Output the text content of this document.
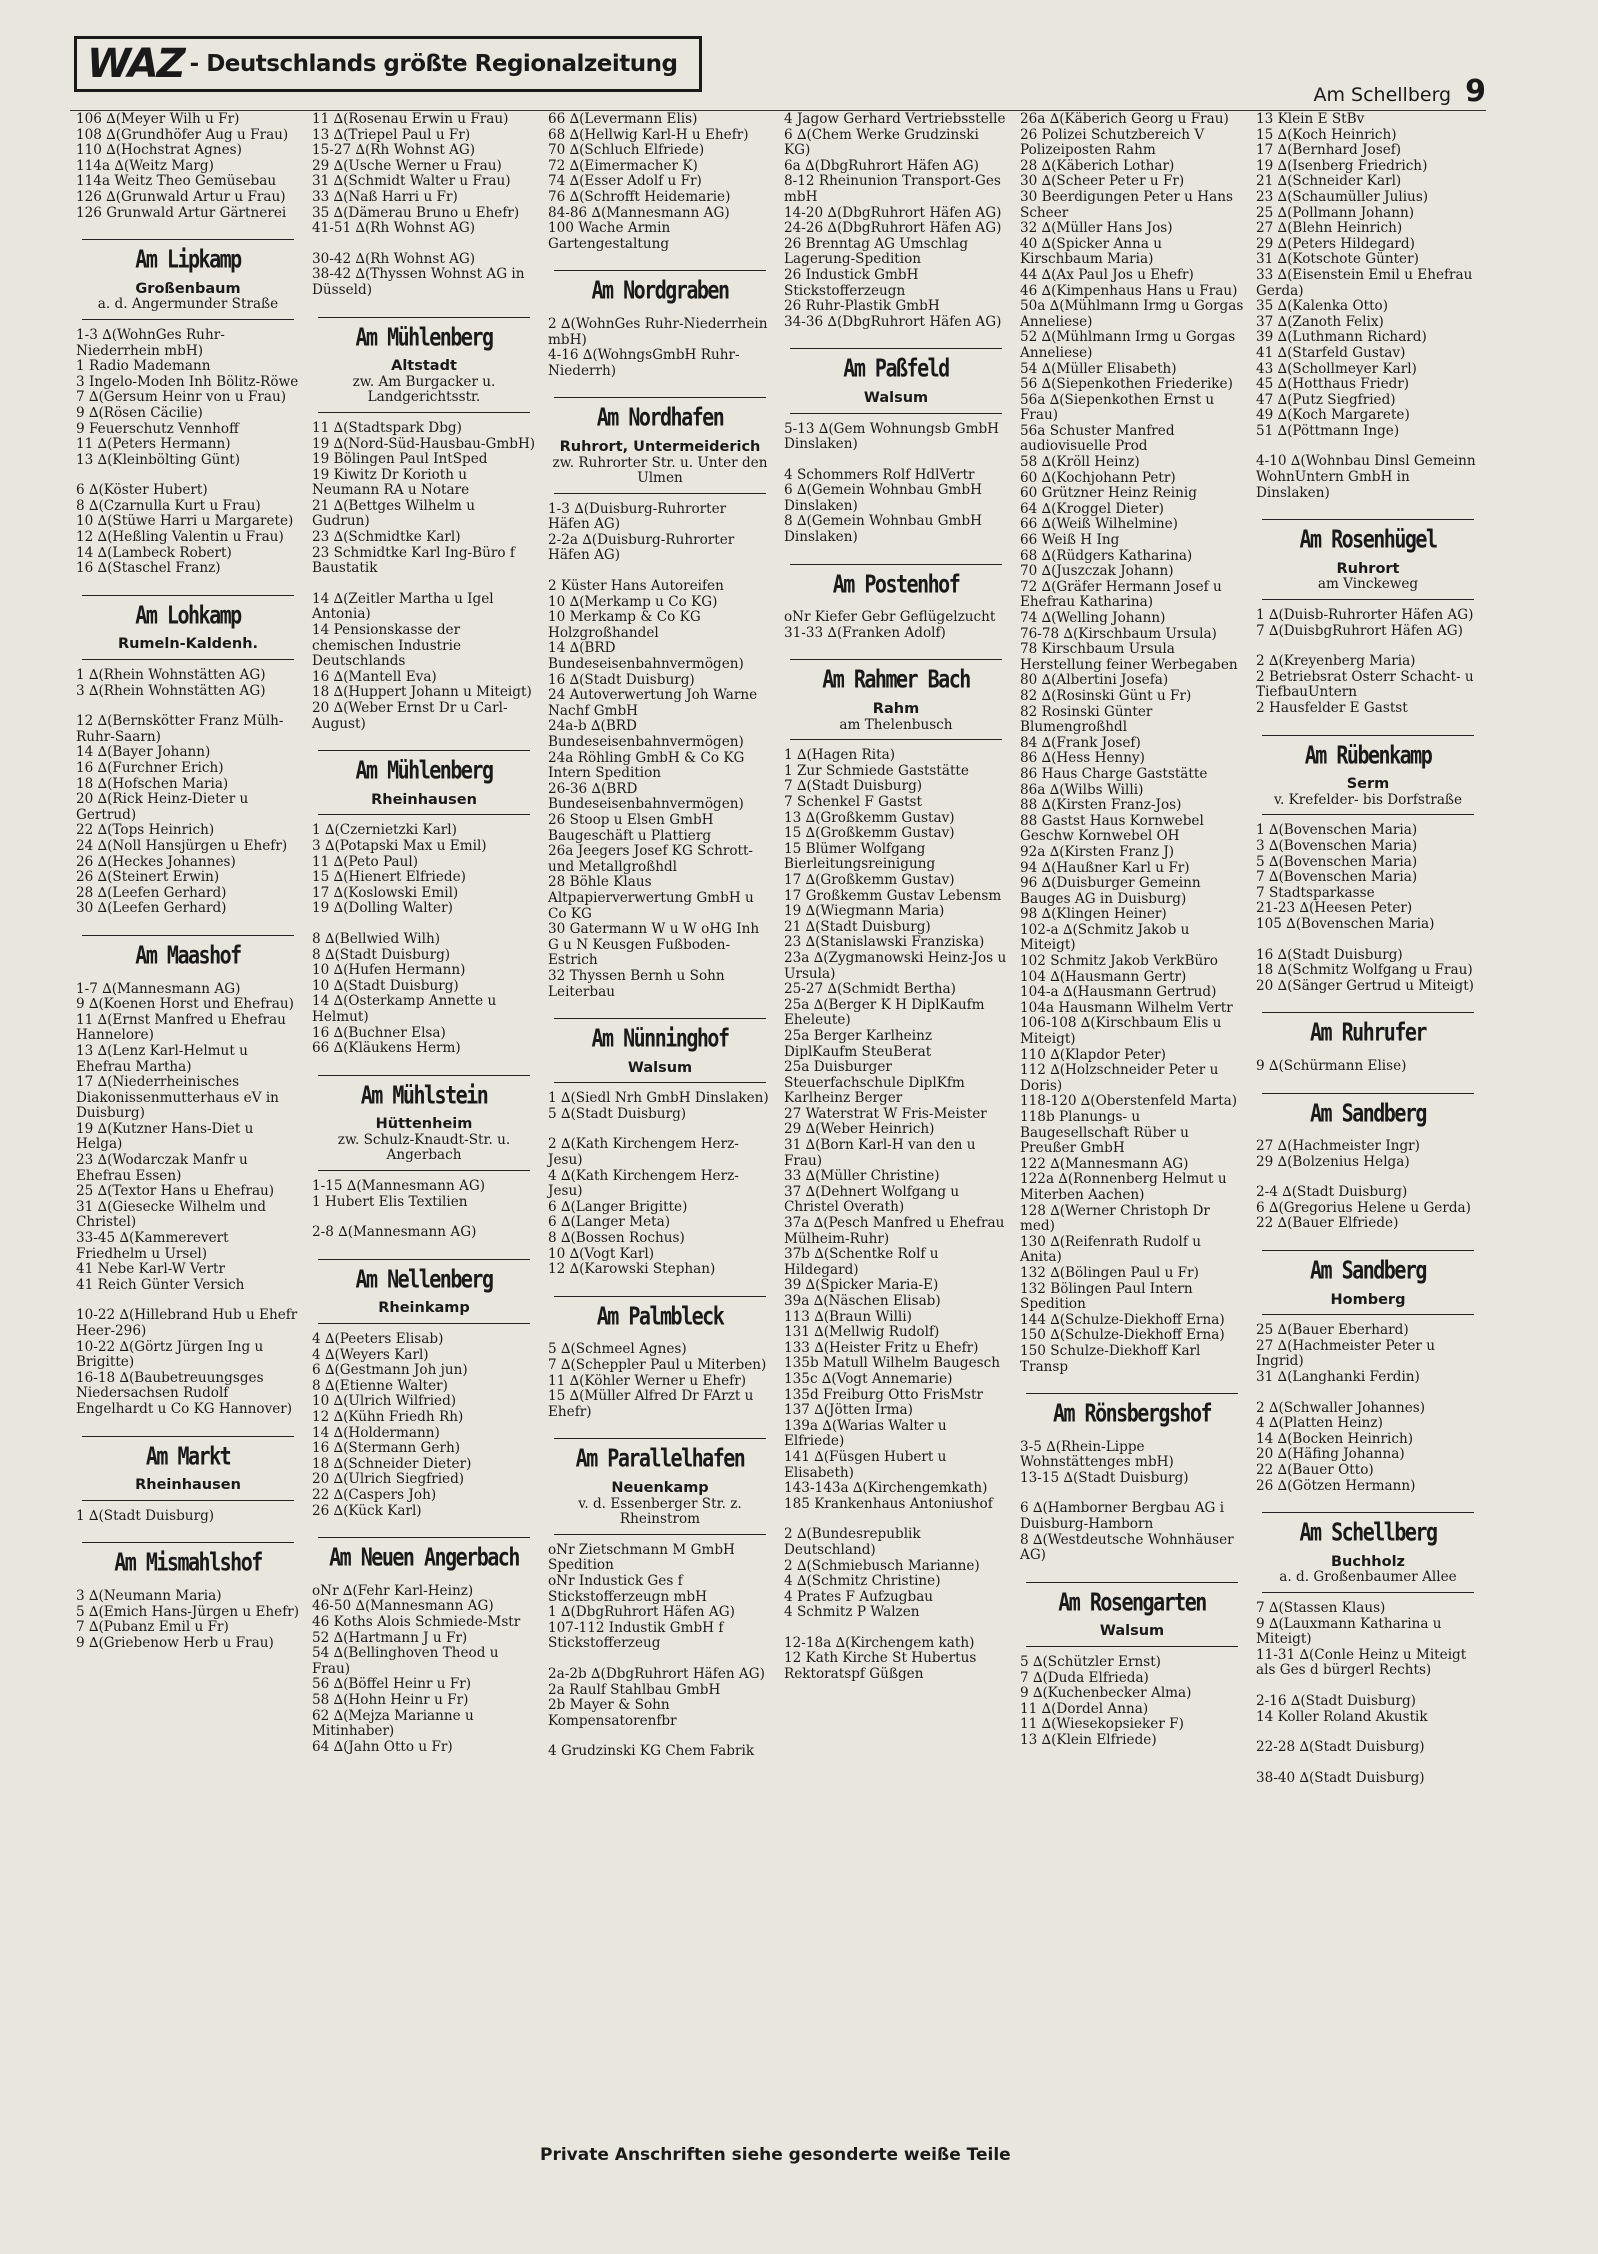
WAZ - Deutschlands größte Regionalzeitung
Am Schellberg 9
106 ∆(Meyer Wilh u Fr)
108 ∆(Grundhöfer Aug u Frau)
110 ∆(Hochstrat Agnes)
114a ∆(Weitz Marg)
114a Weitz Theo Gemüsebau
126 ∆(Grunwald Artur u Frau)
126 Grunwald Artur Gärtnerei
Am Lipkamp
Großenbaum
a. d. Angermunder Straße
1-3 ∆(WohnGes Ruhr-Niederrhein mbH)
1 Radio Mademann
3 Ingelo-Moden Inh Bölitz-Röwe
7 ∆(Gersum Heinr von u Frau)
9 ∆(Rösen Cäcilie)
9 Feuerschutz Vennhoff
11 ∆(Peters Hermann)
13 ∆(Kleinbölting Günt)
6 ∆(Köster Hubert)
8 ∆(Czarnulla Kurt u Frau)
10 ∆(Stüwe Harri u Margarete)
12 ∆(Heßling Valentin u Frau)
14 ∆(Lambeck Robert)
16 ∆(Staschel Franz)
Am Lohkamp
Rumeln-Kaldenh.
1 ∆(Rhein Wohnstätten AG)
3 ∆(Rhein Wohnstätten AG)
12 ∆(Bernskötter Franz Mülh-Ruhr-Saarn)
14 ∆(Bayer Johann)
16 ∆(Furchner Erich)
18 ∆(Hofschen Maria)
20 ∆(Rick Heinz-Dieter u Gertrud)
22 ∆(Tops Heinrich)
24 ∆(Noll Hansjürgen u Ehefr)
26 ∆(Heckes Johannes)
26 ∆(Steinert Erwin)
28 ∆(Leefen Gerhard)
30 ∆(Leefen Gerhard)
Am Maashof
1-7 ∆(Mannesmann AG)
9 ∆(Koenen Horst und Ehefrau)
11 ∆(Ernst Manfred u Ehefrau Hannelore)
13 ∆(Lenz Karl-Helmut u Ehefrau Martha)
17 ∆(Niederrheinisches Diakonissenmutterhaus eV in Duisburg)
19 ∆(Kutzner Hans-Diet u Helga)
23 ∆(Wodarczak Manfr u Ehefrau Essen)
25 ∆(Textor Hans u Ehefrau)
31 ∆(Giesecke Wilhelm und Christel)
33-45 ∆(Kammerevert Friedhelm u Ursel)
41 Nebe Karl-W Vertr
41 Reich Günter Versich
10-22 ∆(Hillebrand Hub u Ehefr Heer-296)
10-22 ∆(Görtz Jürgen Ing u Brigitte)
16-18 ∆(Baubetreuungsges Niedersachsen Rudolf Engelhardt u Co KG Hannover)
Am Markt
Rheinhausen
1 ∆(Stadt Duisburg)
Am Mismahlshof
3 ∆(Neumann Maria)
5 ∆(Emich Hans-Jürgen u Ehefr)
7 ∆(Pubanz Emil u Fr)
9 ∆(Griebenow Herb u Frau)
11 ∆(Rosenau Erwin u Frau)
13 ∆(Triepel Paul u Fr)
15-27 ∆(Rh Wohnst AG)
29 ∆(Usche Werner u Frau)
31 ∆(Schmidt Walter u Frau)
33 ∆(Naß Harri u Fr)
35 ∆(Dämerau Bruno u Ehefr)
41-51 ∆(Rh Wohnst AG)
30-42 ∆(Rh Wohnst AG)
38-42 ∆(Thyssen Wohnst AG in Düsseld)
Am Mühlenberg
Altstadt
zw. Am Burgacker u. Landgerichtsstr.
11 ∆(Stadtspark Dbg)
19 ∆(Nord-Süd-Hausbau-GmbH)
19 Bölingen Paul IntSped
19 Kiwitz Dr Korioth u Neumann RA u Notare
21 ∆(Bettges Wilhelm u Gudrun)
23 ∆(Schmidtke Karl)
23 Schmidtke Karl Ing-Büro f Baustatik
14 ∆(Zeitler Martha u Igel Antonia)
14 Pensionskasse der chemischen Industrie Deutschlands
16 ∆(Mantell Eva)
18 ∆(Huppert Johann u Miteigt)
20 ∆(Weber Ernst Dr u Carl-August)
Am Mühlenberg
Rheinhausen
1 ∆(Czernietzki Karl)
3 ∆(Potapski Max u Emil)
11 ∆(Peto Paul)
15 ∆(Hienert Elfriede)
17 ∆(Koslowski Emil)
19 ∆(Dolling Walter)
8 ∆(Bellwied Wilh)
8 ∆(Stadt Duisburg)
10 ∆(Hufen Hermann)
10 ∆(Stadt Duisburg)
14 ∆(Osterkamp Annette u Helmut)
16 ∆(Buchner Elsa)
66 ∆(Kläukens Herm)
Am Mühlstein
Hüttenheim
zw. Schulz-Knaudt-Str. u. Angerbach
1-15 ∆(Mannesmann AG)
1 Hubert Elis Textilien
2-8 ∆(Mannesmann AG)
Am Nellenberg
Rheinkamp
4 ∆(Peeters Elisab)
4 ∆(Weyers Karl)
6 ∆(Gestmann Joh jun)
8 ∆(Etienne Walter)
10 ∆(Ulrich Wilfried)
12 ∆(Kühn Friedh Rh)
14 ∆(Holdermann)
16 ∆(Stermann Gerh)
18 ∆(Schneider Dieter)
20 ∆(Ulrich Siegfried)
22 ∆(Caspers Joh)
26 ∆(Kück Karl)
Am Neuen Angerbach
oNr ∆(Fehr Karl-Heinz)
46-50 ∆(Mannesmann AG)
46 Koths Alois Schmiede-Mstr
52 ∆(Hartmann J u Fr)
54 ∆(Bellinghoven Theod u Frau)
56 ∆(Böffel Heinr u Fr)
58 ∆(Hohn Heinr u Fr)
62 ∆(Mejza Marianne u Mitinhaber)
64 ∆(Jahn Otto u Fr)
66 ∆(Levermann Elis)
68 ∆(Hellwig Karl-H u Ehefr)
70 ∆(Schluch Elfriede)
72 ∆(Eimermacher K)
74 ∆(Esser Adolf u Fr)
76 ∆(Schrofft Heidemarie)
84-86 ∆(Mannesmann AG)
100 Wache Armin Gartengestaltung
Am Nordgraben
2 ∆(WohnGes Ruhr-Niederrhein mbH)
4-16 ∆(WohngsGmbH Ruhr-Niederrh)
Am Nordhafen
Ruhrort, Untermeiderich
zw. Ruhrorter Str. u. Unter den Ulmen
1-3 ∆(Duisburg-Ruhrorter Häfen AG)
2-2a ∆(Duisburg-Ruhrorter Häfen AG)
2 Küster Hans Autoreifen
10 ∆(Merkamp u Co KG)
10 Merkamp & Co KG Holzgroßhandel
14 ∆(BRD Bundeseisenbahnvermögen)
16 ∆(Stadt Duisburg)
24 Autoverwertung Joh Warne Nachf GmbH
24a-b ∆(BRD Bundeseisenbahnvermögen)
24a Röhling GmbH & Co KG Intern Spedition
26-36 ∆(BRD Bundeseisenbahnvermögen)
26 Stoop u Elsen GmbH Baugeschäft u Plattierg
26a Jeegers Josef KG Schrott- und Metallgroßhdl
28 Böhle Klaus Altpapierverwertung GmbH u Co KG
30 Gatermann W u W oHG Inh G u N Keusgen Fußboden-Estrich
32 Thyssen Bernh u Sohn Leiterbau
Am Nünninghof
Walsum
1 ∆(Siedl Nrh GmbH Dinslaken)
5 ∆(Stadt Duisburg)
2 ∆(Kath Kirchengem Herz-Jesu)
4 ∆(Kath Kirchengem Herz-Jesu)
6 ∆(Langer Brigitte)
6 ∆(Langer Meta)
8 ∆(Bossen Rochus)
10 ∆(Vogt Karl)
12 ∆(Karowski Stephan)
Am Palmbleck
5 ∆(Schmeel Agnes)
7 ∆(Scheppler Paul u Miterben)
11 ∆(Köhler Werner u Ehefr)
15 ∆(Müller Alfred Dr FArzt u Ehefr)
Am Parallelhafen
Neuenkamp
v. d. Essenberger Str. z. Rheinstrom
oNr Zietschmann M GmbH Spedition
oNr Industick Ges f Stickstofferzeugn mbH
1 ∆(DbgRuhrort Häfen AG)
107-112 Industik GmbH f Stickstofferzeug
2a-2b ∆(DbgRuhrort Häfen AG)
2a Raulf Stahlbau GmbH
2b Mayer & Sohn Kompensatorenfbr
4 Grudzinski KG Chem Fabrik
4 Jagow Gerhard Vertriebsstelle
6 ∆(Chem Werke Grudzinski KG)
6a ∆(DbgRuhrort Häfen AG)
8-12 Rheinunion Transport-Ges mbH
14-20 ∆(DbgRuhrort Häfen AG)
24-26 ∆(DbgRuhrort Häfen AG)
26 Brenntag AG Umschlag Lagerung-Spedition
26 Industick GmbH Stickstofferzeugn
26 Ruhr-Plastik GmbH
34-36 ∆(DbgRuhrort Häfen AG)
Am Paßfeld
Walsum
5-13 ∆(Gem Wohnungsb GmbH Dinslaken)
4 Schommers Rolf HdlVertr
6 ∆(Gemein Wohnbau GmbH Dinslaken)
8 ∆(Gemein Wohnbau GmbH Dinslaken)
Am Postenhof
oNr Kiefer Gebr Geflügelzucht
31-33 ∆(Franken Adolf)
Am Rahmer Bach
Rahm
am Thelenbusch
1 ∆(Hagen Rita)
1 Zur Schmiede Gaststätte
7 ∆(Stadt Duisburg)
7 Schenkel F Gastst
13 ∆(Großkemm Gustav)
15 ∆(Großkemm Gustav)
15 Blümer Wolfgang Bierleitungsreinigung
17 ∆(Großkemm Gustav)
17 Großkemm Gustav Lebensm
19 ∆(Wiegmann Maria)
21 ∆(Stadt Duisburg)
23 ∆(Stanislawski Franziska)
23a ∆(Zygmanowski Heinz-Jos u Ursula)
25-27 ∆(Schmidt Bertha)
25a ∆(Berger K H DiplKaufm Eheleute)
25a Berger Karlheinz DiplKaufm SteuBerat
25a Duisburger Steuerfachschule DiplKfm Karlheinz Berger
27 Waterstrat W Fris-Meister
29 ∆(Weber Heinrich)
31 ∆(Born Karl-H van den u Frau)
33 ∆(Müller Christine)
37 ∆(Dehnert Wolfgang u Christel Overath)
37a ∆(Pesch Manfred u Ehefrau Mülheim-Ruhr)
37b ∆(Schentke Rolf u Hildegard)
39 ∆(Spicker Maria-E)
39a ∆(Näschen Elisab)
113 ∆(Braun Willi)
131 ∆(Mellwig Rudolf)
133 ∆(Heister Fritz u Ehefr)
135b Matull Wilhelm Baugesch
135c ∆(Vogt Annemarie)
135d Freiburg Otto FrisMstr
137 ∆(Jötten Irma)
139a ∆(Warias Walter u Elfriede)
141 ∆(Füsgen Hubert u Elisabeth)
143-143a ∆(Kirchengemkath)
185 Krankenhaus Antoniushof
2 ∆(Bundesrepublik Deutschland)
2 ∆(Schmiebusch Marianne)
4 ∆(Schmitz Christine)
4 Prates F Aufzugbau
4 Schmitz P Walzen
12-18a ∆(Kirchengem kath)
12 Kath Kirche St Hubertus Rektoratspf Güßgen
26a ∆(Käberich Georg u Frau)
26 Polizei Schutzbereich V Polizeiposten Rahm
28 ∆(Käberich Lothar)
30 ∆(Scheer Peter u Fr)
30 Beerdigungen Peter u Hans Scheer
32 ∆(Müller Hans Jos)
40 ∆(Spicker Anna u Kirschbaum Maria)
44 ∆(Ax Paul Jos u Ehefr)
46 ∆(Kimpenhaus Hans u Frau)
50a ∆(Mühlmann Irmg u Gorgas Anneliese)
52 ∆(Mühlmann Irmg u Gorgas Anneliese)
54 ∆(Müller Elisabeth)
56 ∆(Siepenkothen Friederike)
56a ∆(Siepenkothen Ernst u Frau)
56a Schuster Manfred audiovisuelle Prod
58 ∆(Kröll Heinz)
60 ∆(Kochjohann Petr)
60 Grützner Heinz Reinig
64 ∆(Kroggel Dieter)
66 ∆(Weiß Wilhelmine)
66 Weiß H Ing
68 ∆(Rüdgers Katharina)
70 ∆(Juszczak Johann)
72 ∆(Gräfer Hermann Josef u Ehefrau Katharina)
74 ∆(Welling Johann)
76-78 ∆(Kirschbaum Ursula)
78 Kirschbaum Ursula Herstellung feiner Werbegaben
80 ∆(Albertini Josefa)
82 ∆(Rosinski Günt u Fr)
82 Rosinski Günter Blumengroßhdl
84 ∆(Frank Josef)
86 ∆(Hess Henny)
86 Haus Charge Gaststätte
86a ∆(Wilbs Willi)
88 ∆(Kirsten Franz-Jos)
88 Gastst Haus Kornwebel Geschw Kornwebel OH
92a ∆(Kirsten Franz J)
94 ∆(Haußner Karl u Fr)
96 ∆(Duisburger Gemeinn Bauges AG in Duisburg)
98 ∆(Klingen Heiner)
102-a ∆(Schmitz Jakob u Miteigt)
102 Schmitz Jakob VerkBüro
104 ∆(Hausmann Gertr)
104-a ∆(Hausmann Gertrud)
104a Hausmann Wilhelm Vertr
106-108 ∆(Kirschbaum Elis u Miteigt)
110 ∆(Klapdor Peter)
112 ∆(Holzschneider Peter u Doris)
118-120 ∆(Oberstenfeld Marta)
118b Planungs- u Baugesellschaft Rüber u Preußer GmbH
122 ∆(Mannesmann AG)
122a ∆(Ronnenberg Helmut u Miterben Aachen)
128 ∆(Werner Christoph Dr med)
130 ∆(Reifenrath Rudolf u Anita)
132 ∆(Bölingen Paul u Fr)
132 Bölingen Paul Intern Spedition
144 ∆(Schulze-Diekhoff Erna)
150 ∆(Schulze-Diekhoff Erna)
150 Schulze-Diekhoff Karl Transp
Am Rönsbergshof
3-5 ∆(Rhein-Lippe Wohnstättenges mbH)
13-15 ∆(Stadt Duisburg)
6 ∆(Hamborner Bergbau AG i Duisburg-Hamborn
8 ∆(Westdeutsche Wohnhäuser AG)
Am Rosengarten
Walsum
5 ∆(Schützler Ernst)
7 ∆(Duda Elfrieda)
9 ∆(Kuchenbecker Alma)
11 ∆(Dordel Anna)
11 ∆(Wiesekopsieker F)
13 ∆(Klein Elfriede)
13 Klein E StBv
15 ∆(Koch Heinrich)
17 ∆(Bernhard Josef)
19 ∆(Isenberg Friedrich)
21 ∆(Schneider Karl)
23 ∆(Schaumüller Julius)
25 ∆(Pollmann Johann)
27 ∆(Blehn Heinrich)
29 ∆(Peters Hildegard)
31 ∆(Kotschote Günter)
33 ∆(Eisenstein Emil u Ehefrau Gerda)
35 ∆(Kalenka Otto)
37 ∆(Zanoth Felix)
39 ∆(Luthmann Richard)
41 ∆(Starfeld Gustav)
43 ∆(Schollmeyer Karl)
45 ∆(Hotthaus Friedr)
47 ∆(Putz Siegfried)
49 ∆(Koch Margarete)
51 ∆(Pöttmann Inge)
4-10 ∆(Wohnbau Dinsl Gemeinn WohnUntern GmbH in Dinslaken)
Am Rosenhügel
Ruhrort
am Vinckeweg
1 ∆(Duisb-Ruhrorter Häfen AG)
7 ∆(DuisbgRuhrort Häfen AG)
2 ∆(Kreyenberg Maria)
2 Betriebsrat Osterr Schacht- u TiefbauUntern
2 Hausfelder E Gastst
Am Rübenkamp
Serm
v. Krefelder- bis Dorfstraße
1 ∆(Bovenschen Maria)
3 ∆(Bovenschen Maria)
5 ∆(Bovenschen Maria)
7 ∆(Bovenschen Maria)
7 Stadtsparkasse
21-23 ∆(Heesen Peter)
105 ∆(Bovenschen Maria)
16 ∆(Stadt Duisburg)
18 ∆(Schmitz Wolfgang u Frau)
20 ∆(Sänger Gertrud u Miteigt)
Am Ruhrufer
9 ∆(Schürmann Elise)
Am Sandberg
27 ∆(Hachmeister Ingr)
29 ∆(Bolzenius Helga)
2-4 ∆(Stadt Duisburg)
6 ∆(Gregorius Helene u Gerda)
22 ∆(Bauer Elfriede)
Am Sandberg
Homberg
25 ∆(Bauer Eberhard)
27 ∆(Hachmeister Peter u Ingrid)
31 ∆(Langhanki Ferdin)
2 ∆(Schwaller Johannes)
4 ∆(Platten Heinz)
14 ∆(Bocken Heinrich)
20 ∆(Häfing Johanna)
22 ∆(Bauer Otto)
26 ∆(Götzen Hermann)
Am Schellberg
Buchholz
a. d. Großenbaumer Allee
7 ∆(Stassen Klaus)
9 ∆(Lauxmann Katharina u Miteigt)
11-31 ∆(Conle Heinz u Miteigt als Ges d bürgerl Rechts)
2-16 ∆(Stadt Duisburg)
14 Koller Roland Akustik
22-28 ∆(Stadt Duisburg)
38-40 ∆(Stadt Duisburg)
Private Anschriften siehe gesonderte weiße Teile
